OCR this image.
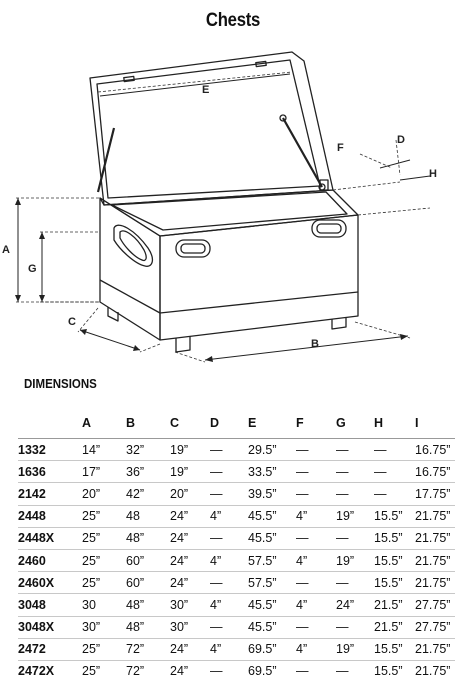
Chests
E
F
D
H
A
G
C
B
DIMENSIONS
	A	B	C	D	E	F	G	H	I
1332	14”	32”	19”	—	29.5”	—	—	—	16.75”
1636	17”	36”	19”	—	33.5”	—	—	—	16.75”
2142	20”	42”	20”	—	39.5”	—	—	—	17.75”
2448	25”	48	24”	4”	45.5”	4”	19”	15.5”	21.75”
2448X	25”	48”	24”	—	45.5”	—	—	15.5”	21.75”
2460	25”	60”	24”	4”	57.5”	4”	19”	15.5”	21.75”
2460X	25”	60”	24”	—	57.5”	—	—	15.5”	21.75”
3048	30	48”	30”	4”	45.5”	4”	24”	21.5”	27.75”
3048X	30”	48”	30”	—	45.5”	—	—	21.5”	27.75”
2472	25”	72”	24”	4”	69.5”	4”	19”	15.5”	21.75”
2472X	25”	72”	24”	—	69.5”	—	—	15.5”	21.75”
